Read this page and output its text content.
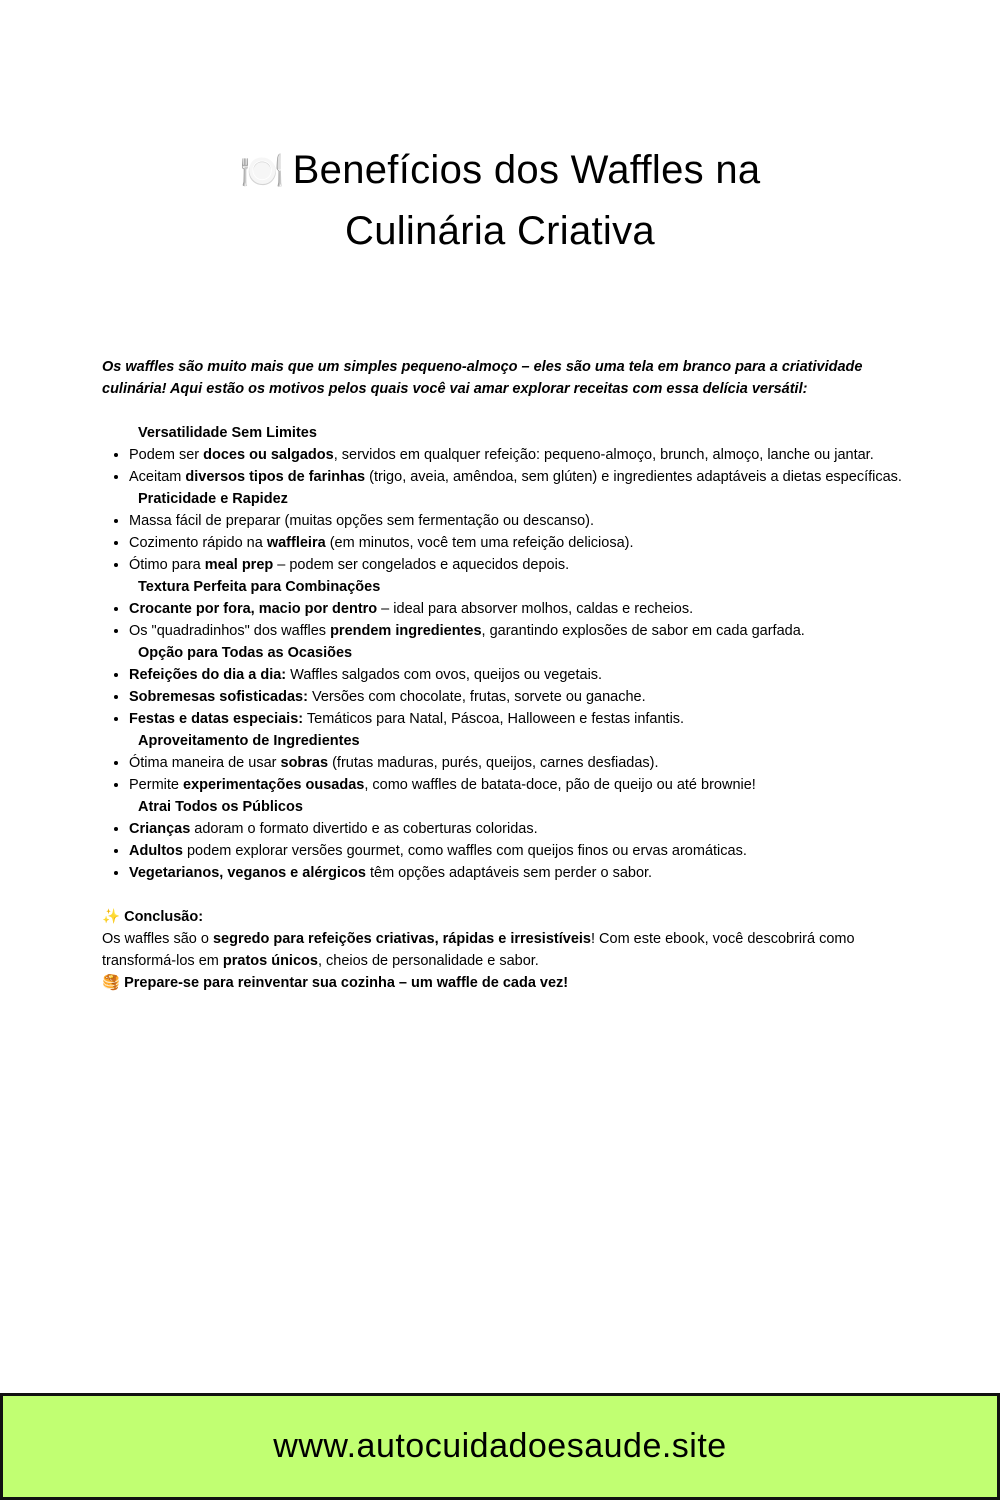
🍽️ Benefícios dos Waffles na
Culinária Criativa

Os waffles são muito mais que um simples pequeno-almoço – eles são uma tela em branco para a criatividade culinária! Aqui estão os motivos pelos quais você vai amar explorar receitas com essa delícia versátil:

Versatilidade Sem Limites
• Podem ser doces ou salgados, servidos em qualquer refeição: pequeno-almoço, brunch, almoço, lanche ou jantar.
• Aceitam diversos tipos de farinhas (trigo, aveia, amêndoa, sem glúten) e ingredientes adaptáveis a dietas específicas.
Praticidade e Rapidez
• Massa fácil de preparar (muitas opções sem fermentação ou descanso).
• Cozimento rápido na waffleira (em minutos, você tem uma refeição deliciosa).
• Ótimo para meal prep – podem ser congelados e aquecidos depois.
Textura Perfeita para Combinações
• Crocante por fora, macio por dentro – ideal para absorver molhos, caldas e recheios.
• Os "quadradinhos" dos waffles prendem ingredientes, garantindo explosões de sabor em cada garfada.
Opção para Todas as Ocasiões
• Refeições do dia a dia: Waffles salgados com ovos, queijos ou vegetais.
• Sobremesas sofisticadas: Versões com chocolate, frutas, sorvete ou ganache.
• Festas e datas especiais: Temáticos para Natal, Páscoa, Halloween e festas infantis.
Aproveitamento de Ingredientes
• Ótima maneira de usar sobras (frutas maduras, purés, queijos, carnes desfiadas).
• Permite experimentações ousadas, como waffles de batata-doce, pão de queijo ou até brownie!
Atrai Todos os Públicos
• Crianças adoram o formato divertido e as coberturas coloridas.
• Adultos podem explorar versões gourmet, como waffles com queijos finos ou ervas aromáticas.
• Vegetarianos, veganos e alérgicos têm opções adaptáveis sem perder o sabor.
✨ Conclusão:
Os waffles são o segredo para refeições criativas, rápidas e irresistíveis! Com este ebook, você descobrirá como transformá-los em pratos únicos, cheios de personalidade e sabor.
🥞 Prepare-se para reinventar sua cozinha – um waffle de cada vez!
www.autocuidadoesaude.site
